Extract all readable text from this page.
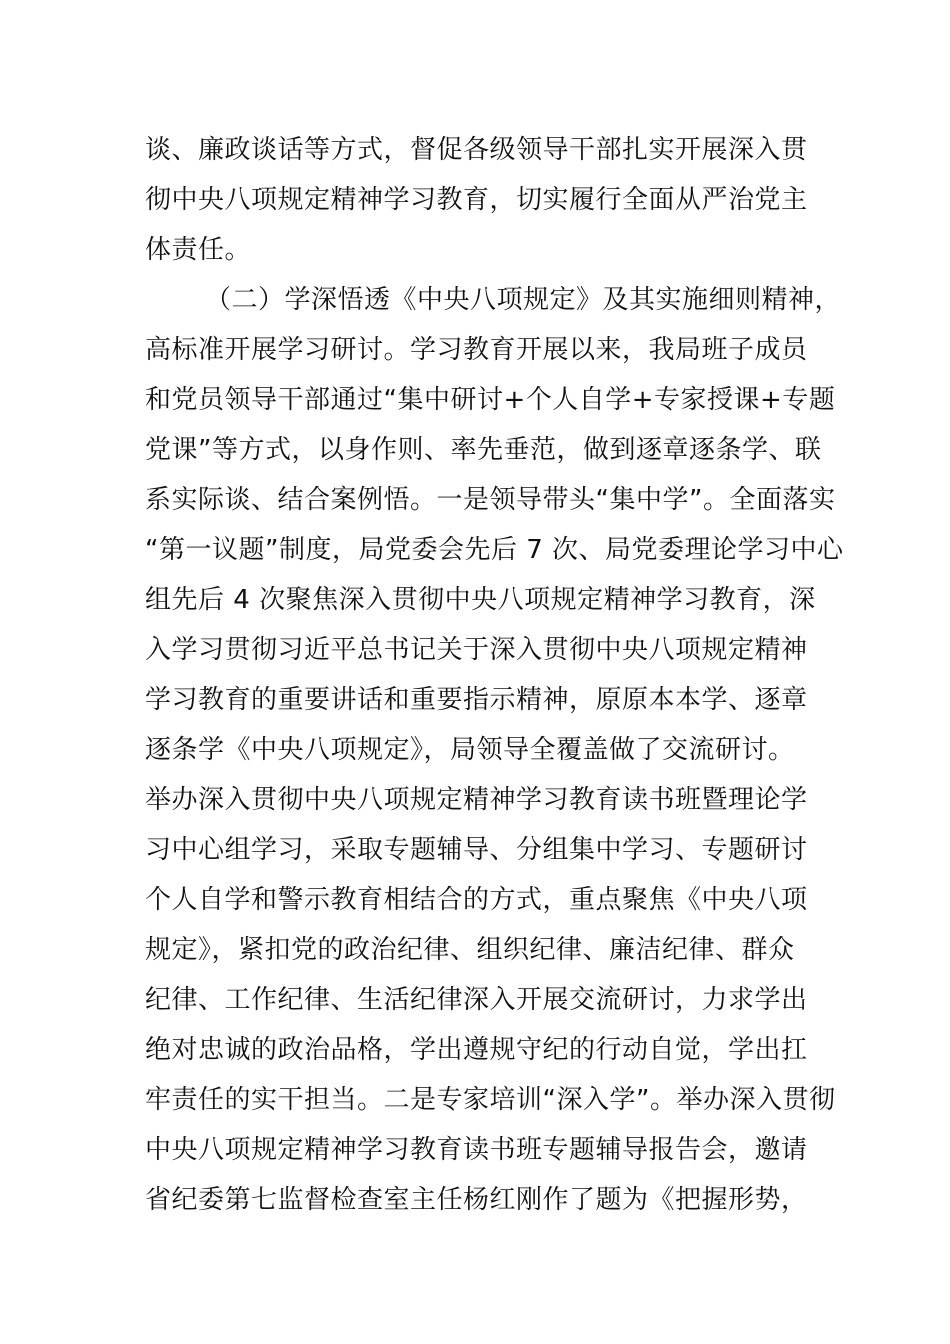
谈、廉政谈话等方式，督促各级领导干部扎实开展深入贯
彻中央八项规定精神学习教育，切实履行全面从严治党主
体责任。
（二）学深悟透《中央八项规定》及其实施细则精神，
高标准开展学习研讨。学习教育开展以来，我局班子成员
和党员领导干部通过“集中研讨+个人自学+专家授课+专题
党课”等方式，以身作则、率先垂范，做到逐章逐条学、联
系实际谈、结合案例悟。一是领导带头“集中学”。全面落实
“第一议题”制度，局党委会先后 7 次、局党委理论学习中心
组先后 4 次聚焦深入贯彻中央八项规定精神学习教育，深
入学习贯彻习近平总书记关于深入贯彻中央八项规定精神
学习教育的重要讲话和重要指示精神，原原本本学、逐章
逐条学《中央八项规定》，局领导全覆盖做了交流研讨。
举办深入贯彻中央八项规定精神学习教育读书班暨理论学
习中心组学习，采取专题辅导、分组集中学习、专题研讨
个人自学和警示教育相结合的方式，重点聚焦《中央八项
规定》，紧扣党的政治纪律、组织纪律、廉洁纪律、群众
纪律、工作纪律、生活纪律深入开展交流研讨，力求学出
绝对忠诚的政治品格，学出遵规守纪的行动自觉，学出扛
牢责任的实干担当。二是专家培训“深入学”。举办深入贯彻
中央八项规定精神学习教育读书班专题辅导报告会，邀请
省纪委第七监督检查室主任杨红刚作了题为《把握形势，
